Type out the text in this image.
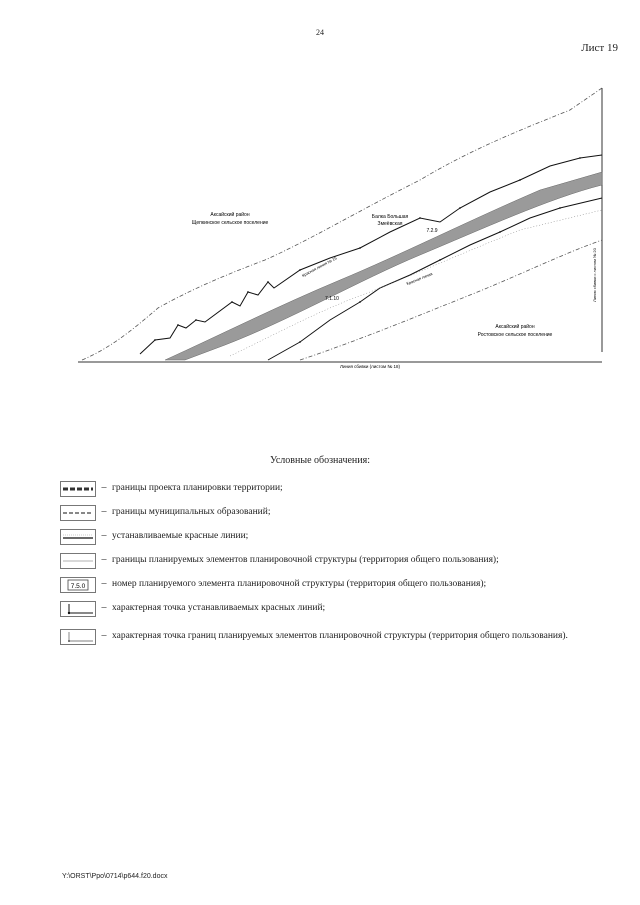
24
Лист 19
Аксайский район
Щепкинское сельское поселение
Аксайский район
Ростовское сельское поселение
Балка Большая
Змеёвская
Линия сбивки (листом № 18)
Линия сбивки с листом № 20
7.2.9
7.1.10
Красная линия № 15
Красная линия
Условные обозначения:
– границы проекта планировки территории;
– границы муниципальных образований;
– устанавливаемые красные линии;
– границы планируемых элементов планировочной структуры (территория общего пользования);
7.5.0	– номер планируемого элемента планировочной структуры (территория общего пользования);
– характерная точка устанавливаемых красных линий;
– характерная точка границ планируемых элементов планировочной структуры (территория общего пользования).
Y:\ORST\Ppo\0714\p644.f20.docx
